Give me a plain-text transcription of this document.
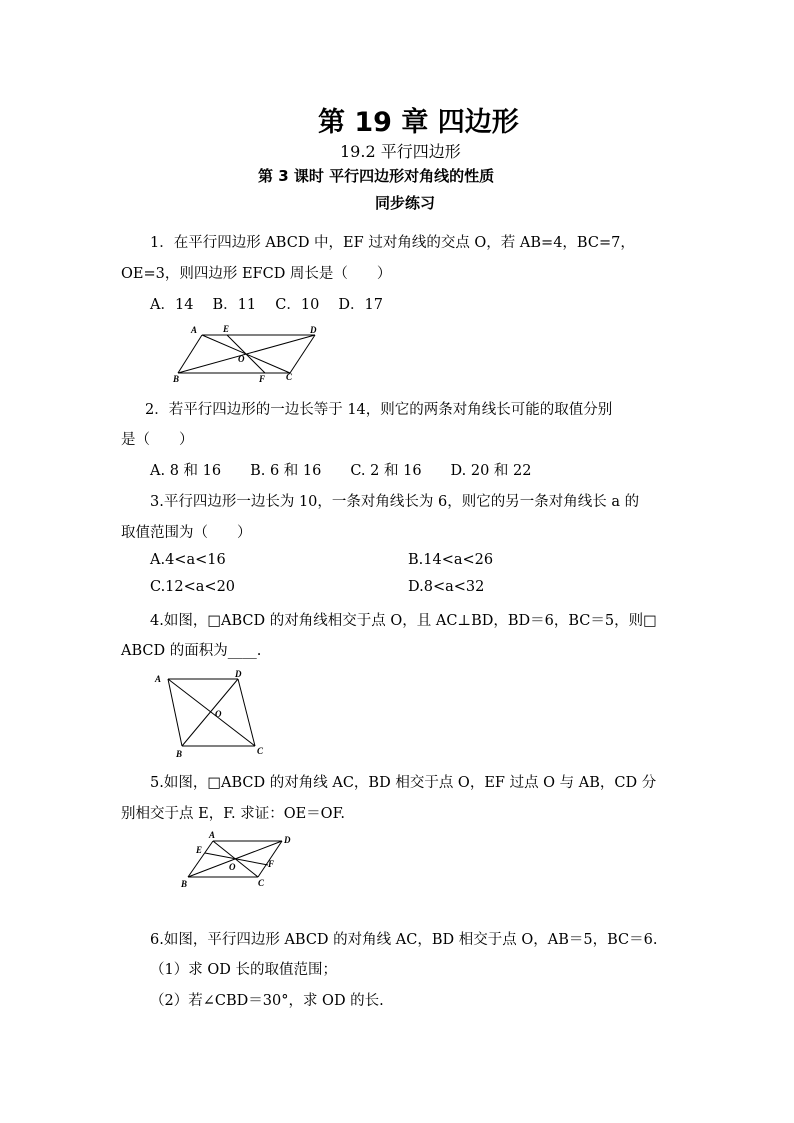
第 19 章 四边形
19.2 平行四边形
第 3 课时 平行四边形对角线的性质
同步练习
1．在平行四边形 ABCD 中，EF 过对角线的交点 O，若 AB=4，BC=7，
OE=3，则四边形 EFCD 周长是（　　）
A．14　 B．11　 C．10　 D．17
A	E	D
O
B	F C
2．若平行四边形的一边长等于 14，则它的两条对角线长可能的取值分别
是（　　）
A. 8 和 16　　B. 6 和 16　　C. 2 和 16　　D. 20 和 22
3.平行四边形一边长为 10，一条对角线长为 6，则它的另一条对角线长 a 的
取值范围为（　　）
A.4<a<16	B.14<a<26
C.12<a<20	D.8<a<32
4.如图，□ABCD 的对角线相交于点 O，且 AC⊥BD，BD＝6，BC＝5，则□
ABCD 的面积为____.
A	D
O
B	C
5.如图，□ABCD 的对角线 AC，BD 相交于点 O，EF 过点 O 与 AB，CD 分
别相交于点 E，F. 求证：OE＝OF.
A	D
E
O	F
B	C
6.如图，平行四边形 ABCD 的对角线 AC，BD 相交于点 O，AB＝5，BC＝6.
（1）求 OD 长的取值范围；
（2）若∠CBD＝30°，求 OD 的长.
